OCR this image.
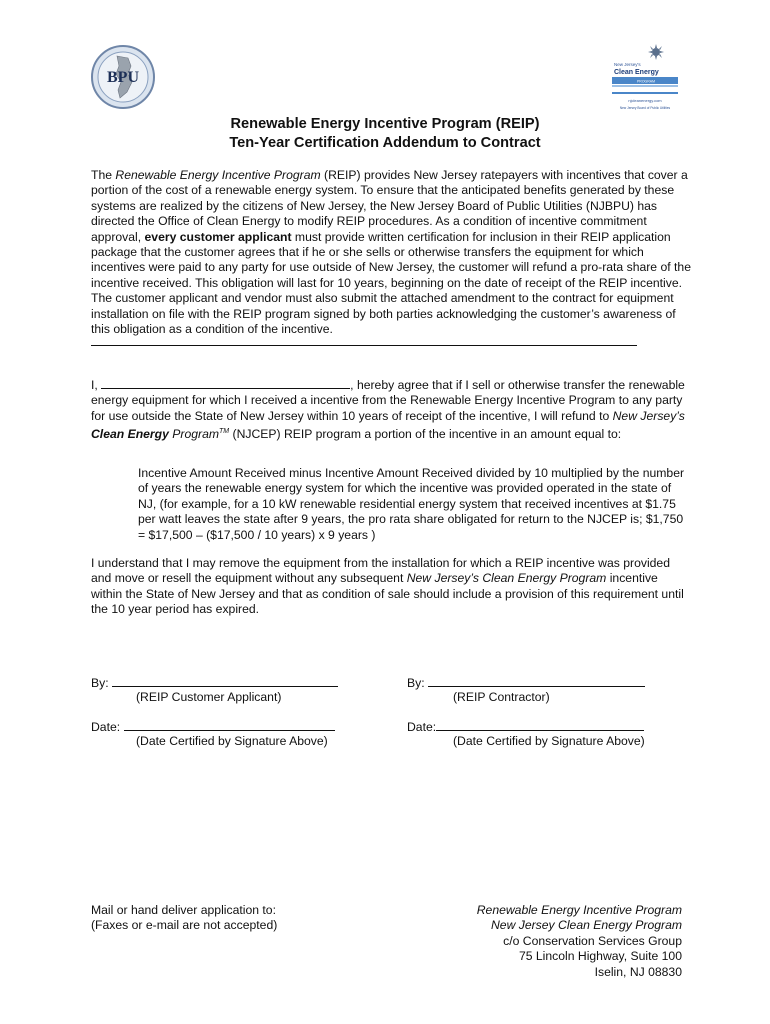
BPU
New Jersey's
Clean Energy
PROGRAM
njcleanenergy.com
New Jersey Board of Public Utilities
Renewable Energy Incentive Program (REIP)
Ten-Year Certification Addendum to Contract

The Renewable Energy Incentive Program (REIP) provides New Jersey ratepayers with incentives that cover a portion of the cost of a renewable energy system. To ensure that the anticipated benefits generated by these systems are realized by the citizens of New Jersey, the New Jersey Board of Public Utilities (NJBPU) has directed the Office of Clean Energy to modify REIP procedures. As a condition of incentive commitment approval, every customer applicant must provide written certification for inclusion in their REIP application package that the customer agrees that if he or she sells or otherwise transfers the equipment for which incentives were paid to any party for use outside of New Jersey, the customer will refund a pro-rata share of the incentive received. This obligation will last for 10 years, beginning on the date of receipt of the REIP incentive. The customer applicant and vendor must also submit the attached amendment to the contract for equipment installation on file with the REIP program signed by both parties acknowledging the customer’s awareness of this obligation as a condition of the incentive.

I,	, hereby agree that if I sell or otherwise transfer the renewable energy equipment for which I received a incentive from the Renewable Energy Incentive Program to any party for use outside the State of New Jersey within 10 years of receipt of the incentive, I will refund to New Jersey’s Clean Energy Program™ (NJCEP) REIP program a portion of the incentive in an amount equal to:

Incentive Amount Received minus Incentive Amount Received divided by 10 multiplied by the number of years the renewable energy system for which the incentive was provided operated in the state of NJ, (for example, for a 10 kW renewable residential energy system that received incentives at $1.75 per watt leaves the state after 9 years, the pro rata share obligated for return to the NJCEP is; $1,750 = $17,500 – ($17,500 / 10 years) x 9 years )

I understand that I may remove the equipment from the installation for which a REIP incentive was provided and move or resell the equipment without any subsequent New Jersey’s Clean Energy Program incentive within the State of New Jersey and that as condition of sale should include a provision of this requirement until the 10 year period has expired.

By:
(REIP Customer Applicant)
Date:
(Date Certified by Signature Above)
By:
(REIP Contractor)
Date:
(Date Certified by Signature Above)
Mail or hand deliver application to:
(Faxes or e-mail are not accepted)
Renewable Energy Incentive Program
New Jersey Clean Energy Program
c/o Conservation Services Group
75 Lincoln Highway, Suite 100
Iselin, NJ 08830
